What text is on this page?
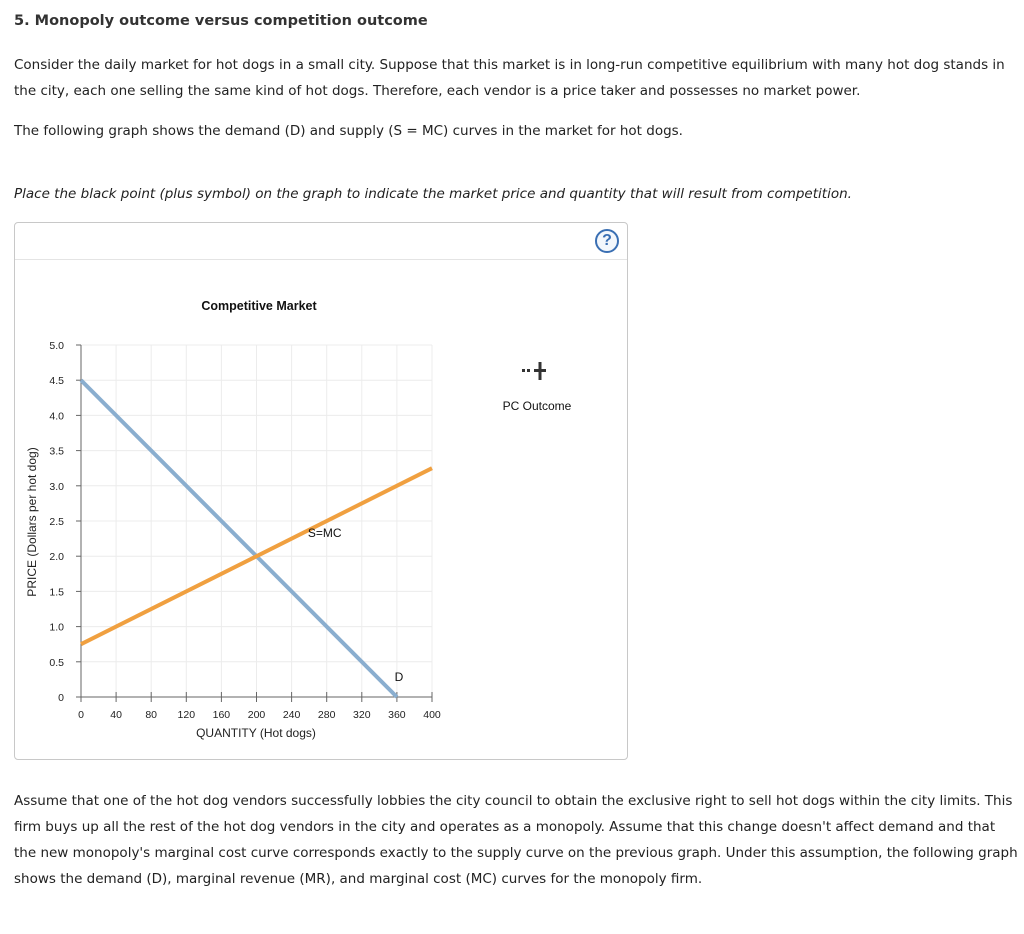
5. Monopoly outcome versus competition outcome
Consider the daily market for hot dogs in a small city. Suppose that this market is in long-run competitive equilibrium with many hot dog stands in the city, each one selling the same kind of hot dogs. Therefore, each vendor is a price taker and possesses no market power.
The following graph shows the demand (D) and supply (S = MC) curves in the market for hot dogs.
Place the black point (plus symbol) on the graph to indicate the market price and quantity that will result from competition.
?
Competitive Market
0	40 80 120 160 200 240 280 320 360 400
0
0.5
1.0
1.5
2.0
2.5
3.0
3.5
4.0
4.5
5.0
D
S=MC
QUANTITY (Hot dogs)
PRICE (Dollars per hot dog)
PC Outcome
Assume that one of the hot dog vendors successfully lobbies the city council to obtain the exclusive right to sell hot dogs within the city limits. This firm buys up all the rest of the hot dog vendors in the city and operates as a monopoly. Assume that this change doesn't affect demand and that the new monopoly's marginal cost curve corresponds exactly to the supply curve on the previous graph. Under this assumption, the following graph shows the demand (D), marginal revenue (MR), and marginal cost (MC) curves for the monopoly firm.
